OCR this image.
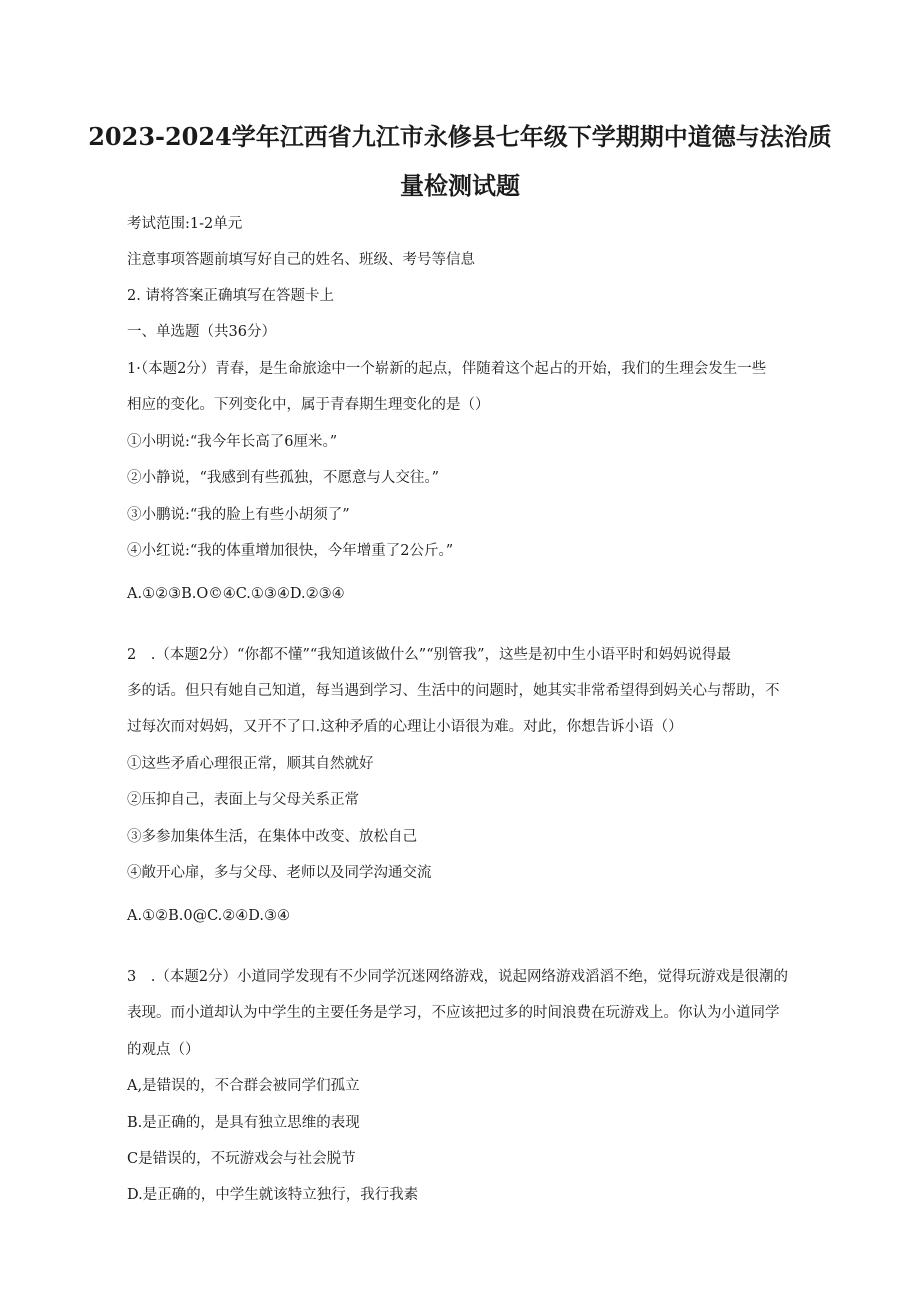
2023-2024学年江西省九江市永修县七年级下学期期中道德与法治质
量检测试题
考试范围:1-2单元
注意事项答题前填写好自己的姓名、班级、考号等信息
2. 请将答案正确填写在答题卡上
一、单选题（共36分）
1·（本题2分）青春，是生命旅途中一个崭新的起点，伴随着这个起占的开始，我们的生理会发生一些
相应的变化。下列变化中，属于青春期生理变化的是（）
①小明说:“我今年长高了6厘米。”
②小静说，“我感到有些孤独，不愿意与人交往。”
③小鹏说:“我的脸上有些小胡须了”
④小红说:“我的体重增加很快，今年增重了2公斤。”
A.①②③B.O©④C.①③④D.②③④
2　.（本题2分）“你都不懂”“我知道该做什么”“别管我”，这些是初中生小语平时和妈妈说得最
多的话。但只有她自己知道，每当遇到学习、生活中的问题时，她其实非常希望得到妈关心与帮助，不
过每次而对妈妈，又开不了口.这种矛盾的心理让小语很为难。对此，你想告诉小语（）
①这些矛盾心理很正常，顺其自然就好
②压抑自己，表面上与父母关系正常
③多参加集体生活，在集体中改变、放松自己
④敞开心扉，多与父母、老师以及同学沟通交流
A.①②B.0@C.②④D.③④
3　.（本题2分）小道同学发现有不少同学沉迷网络游戏，说起网络游戏滔滔不绝，觉得玩游戏是很潮的
表现。而小道却认为中学生的主要任务是学习，不应该把过多的时间浪费在玩游戏上。你认为小道同学
的观点（）
A,是错误的，不合群会被同学们孤立
B.是正确的，是具有独立思维的表现
C是错误的，不玩游戏会与社会脱节
D.是正确的，中学生就该特立独行，我行我素
